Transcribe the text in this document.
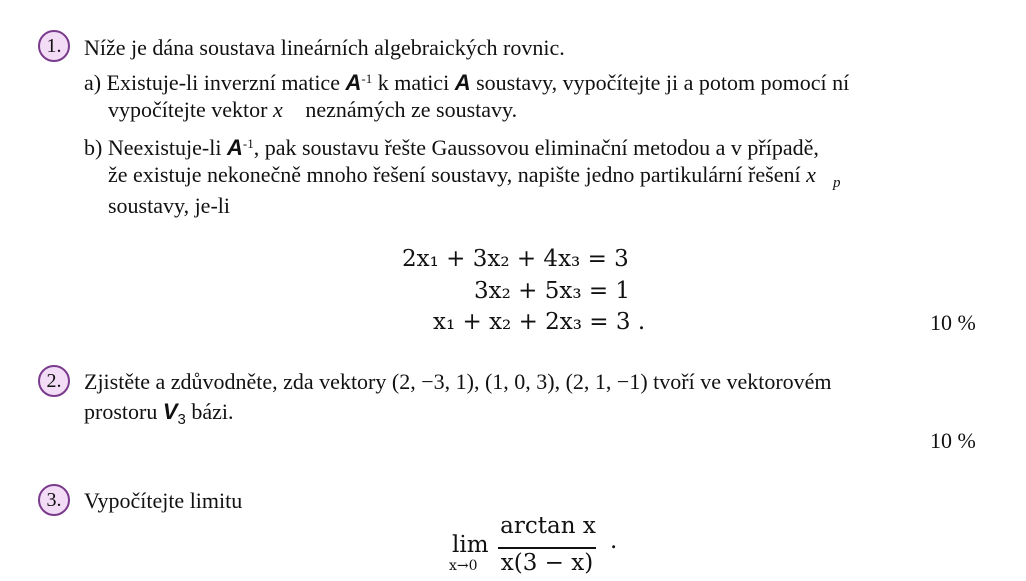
1.	Níže je dána soustava lineárních algebraických rovnic.
a) Existuje-li inverzní matice $A^{-1}$ k matici A soustavy, vypočítejte ji a potom pomocí ní
vypočítejte vektor x⃗ neznámých ze soustavy.
b) Neexistuje-li $A^{-1}$, pak soustavu řešte Gaussovou eliminační metodou a v případě,
že existuje nekonečně mnoho řešení soustavy, napište jedno partikulární řešení $x⃗_p$
soustavy, je-li
2x₁ + 3x₂ + 4x₃ = 3
3x₂ + 5x₃ = 1
x₁ + x₂ + 2x₃ = 3 .	10 %
2.	Zjistěte a zdůvodněte, zda vektory (2, −3, 1), (1, 0, 3), (2, 1, −1) tvoří ve vektorovém
prostoru $V_3$ bázi.
10 %
3.	Vypočítejte limitu
lim
x→0
arctan x
x(3 − x)
.
